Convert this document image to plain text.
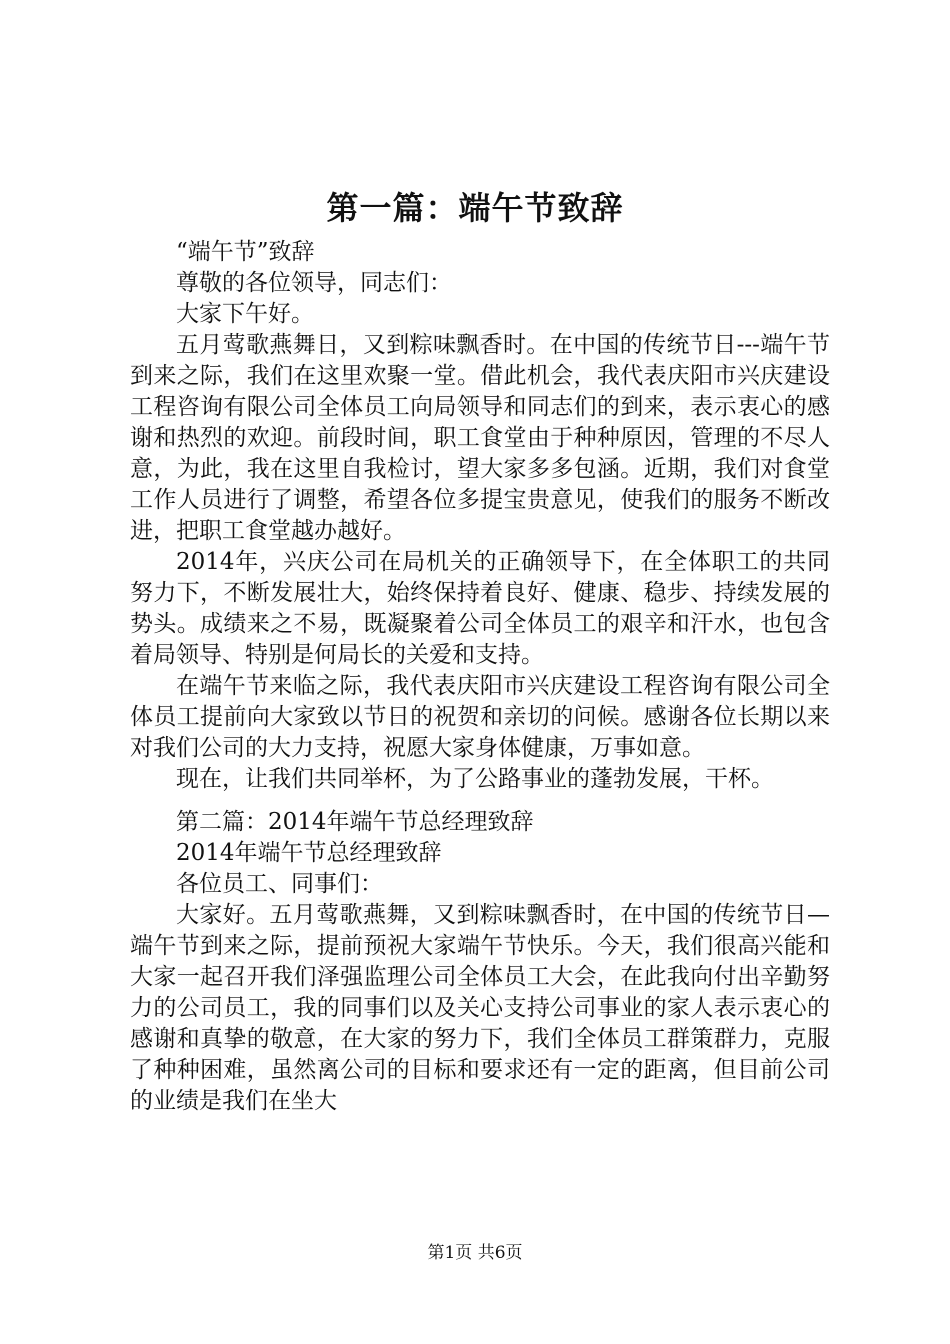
第一篇：端午节致辞

“端午节”致辞

尊敬的各位领导，同志们：

大家下午好。

五月莺歌燕舞日，又到粽味飘香时。在中国的传统节日---端午节到来之际，我们在这里欢聚一堂。借此机会，我代表庆阳市兴庆建设工程咨询有限公司全体员工向局领导和同志们的到来，表示衷心的感谢和热烈的欢迎。前段时间，职工食堂由于种种原因，管理的不尽人意，为此，我在这里自我检讨，望大家多多包涵。近期，我们对食堂工作人员进行了调整，希望各位多提宝贵意见，使我们的服务不断改进，把职工食堂越办越好。

2014年，兴庆公司在局机关的正确领导下，在全体职工的共同努力下，不断发展壮大，始终保持着良好、健康、稳步、持续发展的势头。成绩来之不易，既凝聚着公司全体员工的艰辛和汗水，也包含着局领导、特别是何局长的关爱和支持。

在端午节来临之际，我代表庆阳市兴庆建设工程咨询有限公司全体员工提前向大家致以节日的祝贺和亲切的问候。感谢各位长期以来对我们公司的大力支持，祝愿大家身体健康，万事如意。

现在，让我们共同举杯，为了公路事业的蓬勃发展，干杯。

第二篇：2014年端午节总经理致辞

2014年端午节总经理致辞

各位员工、同事们：

大家好。五月莺歌燕舞，又到粽味飘香时，在中国的传统节日—端午节到来之际，提前预祝大家端午节快乐。今天，我们很高兴能和大家一起召开我们泽强监理公司全体员工大会，在此我向付出辛勤努力的公司员工，我的同事们以及关心支持公司事业的家人表示衷心的感谢和真挚的敬意，在大家的努力下，我们全体员工群策群力，克服了种种困难，虽然离公司的目标和要求还有一定的距离，但目前公司的业绩是我们在坐大

第1页 共6页
